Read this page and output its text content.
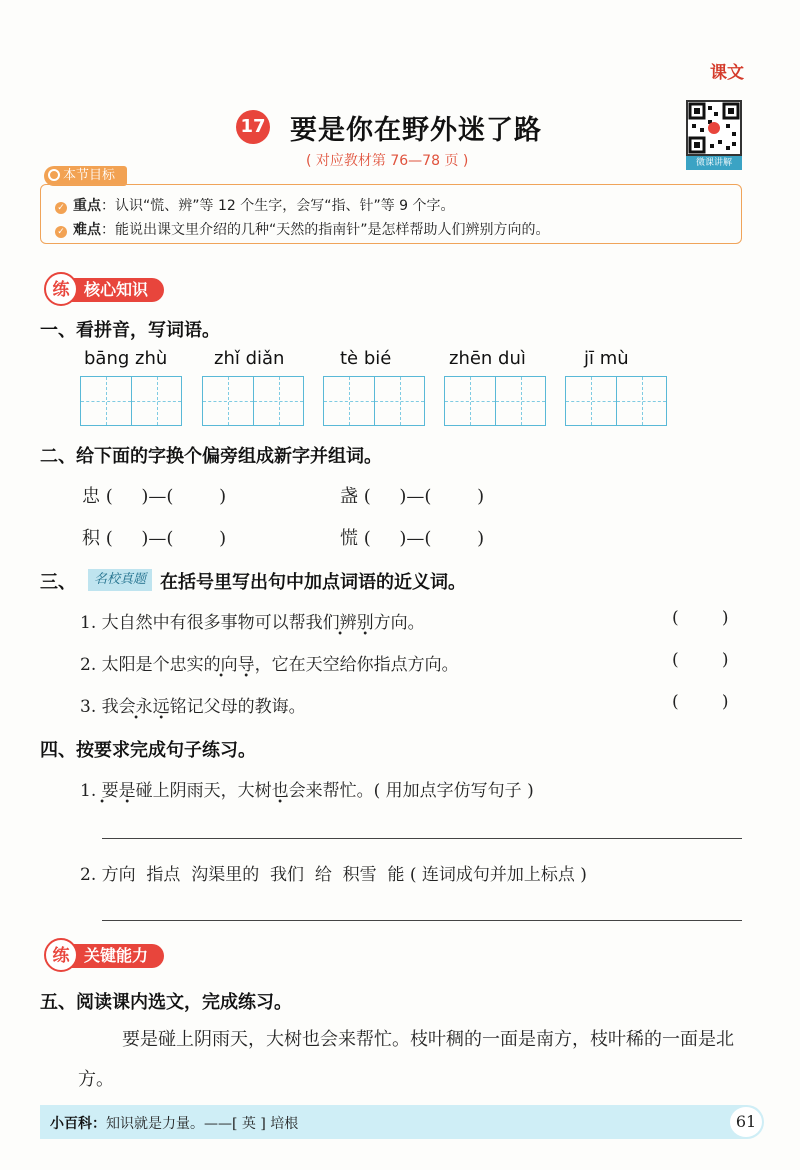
课文
17 要是你在野外迷了路
( 对应教材第 76—78 页 )	微课讲解
本节目标
✓ 重点：认识“慌、辨”等 12 个生字，会写“指、针”等 9 个字。
✓ 难点：能说出课文里介绍的几种“天然的指南针”是怎样帮助人们辨别方向的。
核心知识
练
一、看拼音，写词语。
bāng zhù	zhǐ diǎn	tè bié	zhēn duì	jī mù
二、给下面的字换个偏旁组成新字并组词。
忠 (     )—(        )	盏 (     )—(        )
积 (     )—(        )	慌 (     )—(        )
三、	名校真题 在括号里写出句中加点词语的近义词。
1. 大自然中有很多事物可以帮我们辨别 • •方向。	(        )
2. 太阳是个忠实的向导 • •，它在天空给你指点方向。	(        )
3. 我会永远 • •铭记父母的教诲。	(        )
四、按要求完成句子练习。
1. 要是 • •碰上阴雨天，大树也会来帮忙。( 用加点字仿写句子 )
2. 方向  指点  沟渠里的  我们  给  积雪  能 ( 连词成句并加上标点 )
关键能力
练
五、阅读课内选文，完成练习。
要是碰上阴雨天，大树也会来帮忙。枝叶稠的一面是南方，枝叶稀的一面是北方。
小百科：知识就是力量。——[ 英 ] 培根	61
